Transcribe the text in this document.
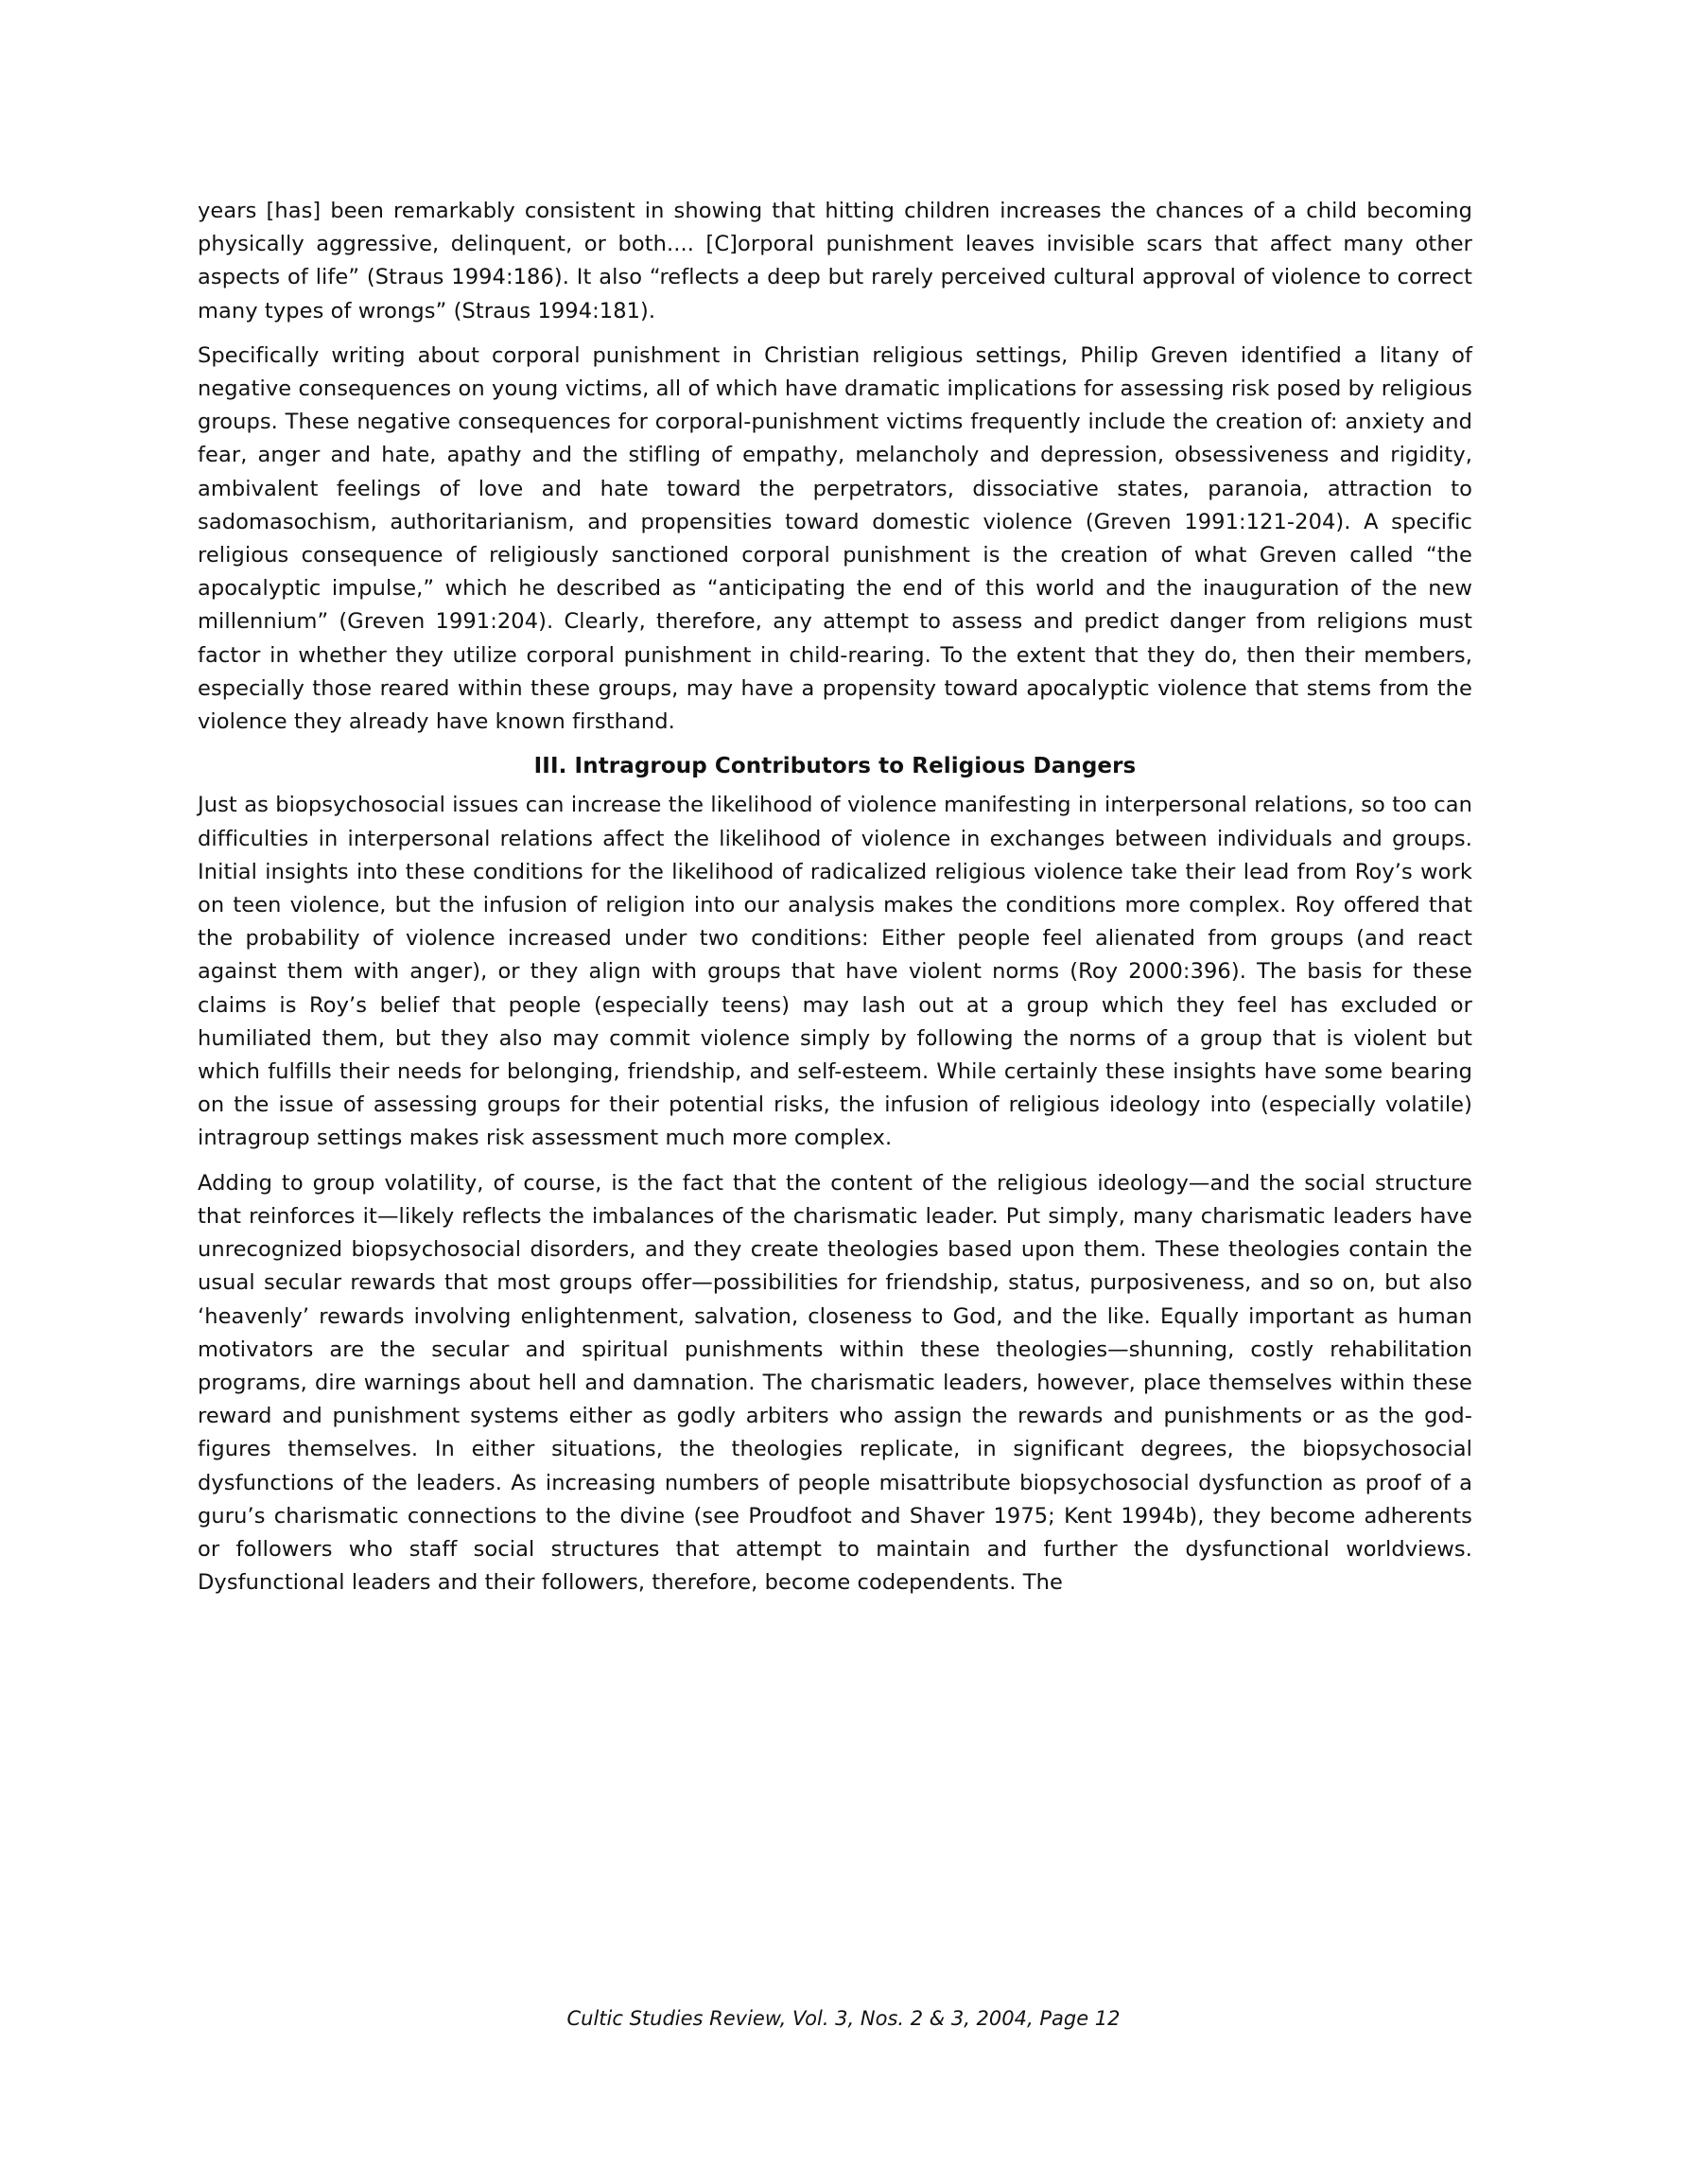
years [has] been remarkably consistent in showing that hitting children increases the chances of a child becoming physically aggressive, delinquent, or both.... [C]orporal punishment leaves invisible scars that affect many other aspects of life” (Straus 1994:186). It also “reflects a deep but rarely perceived cultural approval of violence to correct many types of wrongs” (Straus 1994:181).

Specifically writing about corporal punishment in Christian religious settings, Philip Greven identified a litany of negative consequences on young victims, all of which have dramatic implications for assessing risk posed by religious groups. These negative consequences for corporal-punishment victims frequently include the creation of: anxiety and fear, anger and hate, apathy and the stifling of empathy, melancholy and depression, obsessiveness and rigidity, ambivalent feelings of love and hate toward the perpetrators, dissociative states, paranoia, attraction to sadomasochism, authoritarianism, and propensities toward domestic violence (Greven 1991:121-204). A specific religious consequence of religiously sanctioned corporal punishment is the creation of what Greven called “the apocalyptic impulse,” which he described as “anticipating the end of this world and the inauguration of the new millennium” (Greven 1991:204). Clearly, therefore, any attempt to assess and predict danger from religions must factor in whether they utilize corporal punishment in child-rearing. To the extent that they do, then their members, especially those reared within these groups, may have a propensity toward apocalyptic violence that stems from the violence they already have known firsthand.

III. Intragroup Contributors to Religious Dangers

Just as biopsychosocial issues can increase the likelihood of violence manifesting in interpersonal relations, so too can difficulties in interpersonal relations affect the likelihood of violence in exchanges between individuals and groups. Initial insights into these conditions for the likelihood of radicalized religious violence take their lead from Roy’s work on teen violence, but the infusion of religion into our analysis makes the conditions more complex. Roy offered that the probability of violence increased under two conditions: Either people feel alienated from groups (and react against them with anger), or they align with groups that have violent norms (Roy 2000:396). The basis for these claims is Roy’s belief that people (especially teens) may lash out at a group which they feel has excluded or humiliated them, but they also may commit violence simply by following the norms of a group that is violent but which fulfills their needs for belonging, friendship, and self-esteem. While certainly these insights have some bearing on the issue of assessing groups for their potential risks, the infusion of religious ideology into (especially volatile) intragroup settings makes risk assessment much more complex.

Adding to group volatility, of course, is the fact that the content of the religious ideology—and the social structure that reinforces it—likely reflects the imbalances of the charismatic leader. Put simply, many charismatic leaders have unrecognized biopsychosocial disorders, and they create theologies based upon them. These theologies contain the usual secular rewards that most groups offer—possibilities for friendship, status, purposiveness, and so on, but also ‘heavenly’ rewards involving enlightenment, salvation, closeness to God, and the like. Equally important as human motivators are the secular and spiritual punishments within these theologies—shunning, costly rehabilitation programs, dire warnings about hell and damnation. The charismatic leaders, however, place themselves within these reward and punishment systems either as godly arbiters who assign the rewards and punishments or as the god-figures themselves. In either situations, the theologies replicate, in significant degrees, the biopsychosocial dysfunctions of the leaders. As increasing numbers of people misattribute biopsychosocial dysfunction as proof of a guru’s charismatic connections to the divine (see Proudfoot and Shaver 1975; Kent 1994b), they become adherents or followers who staff social structures that attempt to maintain and further the dysfunctional worldviews. Dysfunctional leaders and their followers, therefore, become codependents. The

Cultic Studies Review, Vol. 3, Nos. 2 & 3, 2004, Page 12
